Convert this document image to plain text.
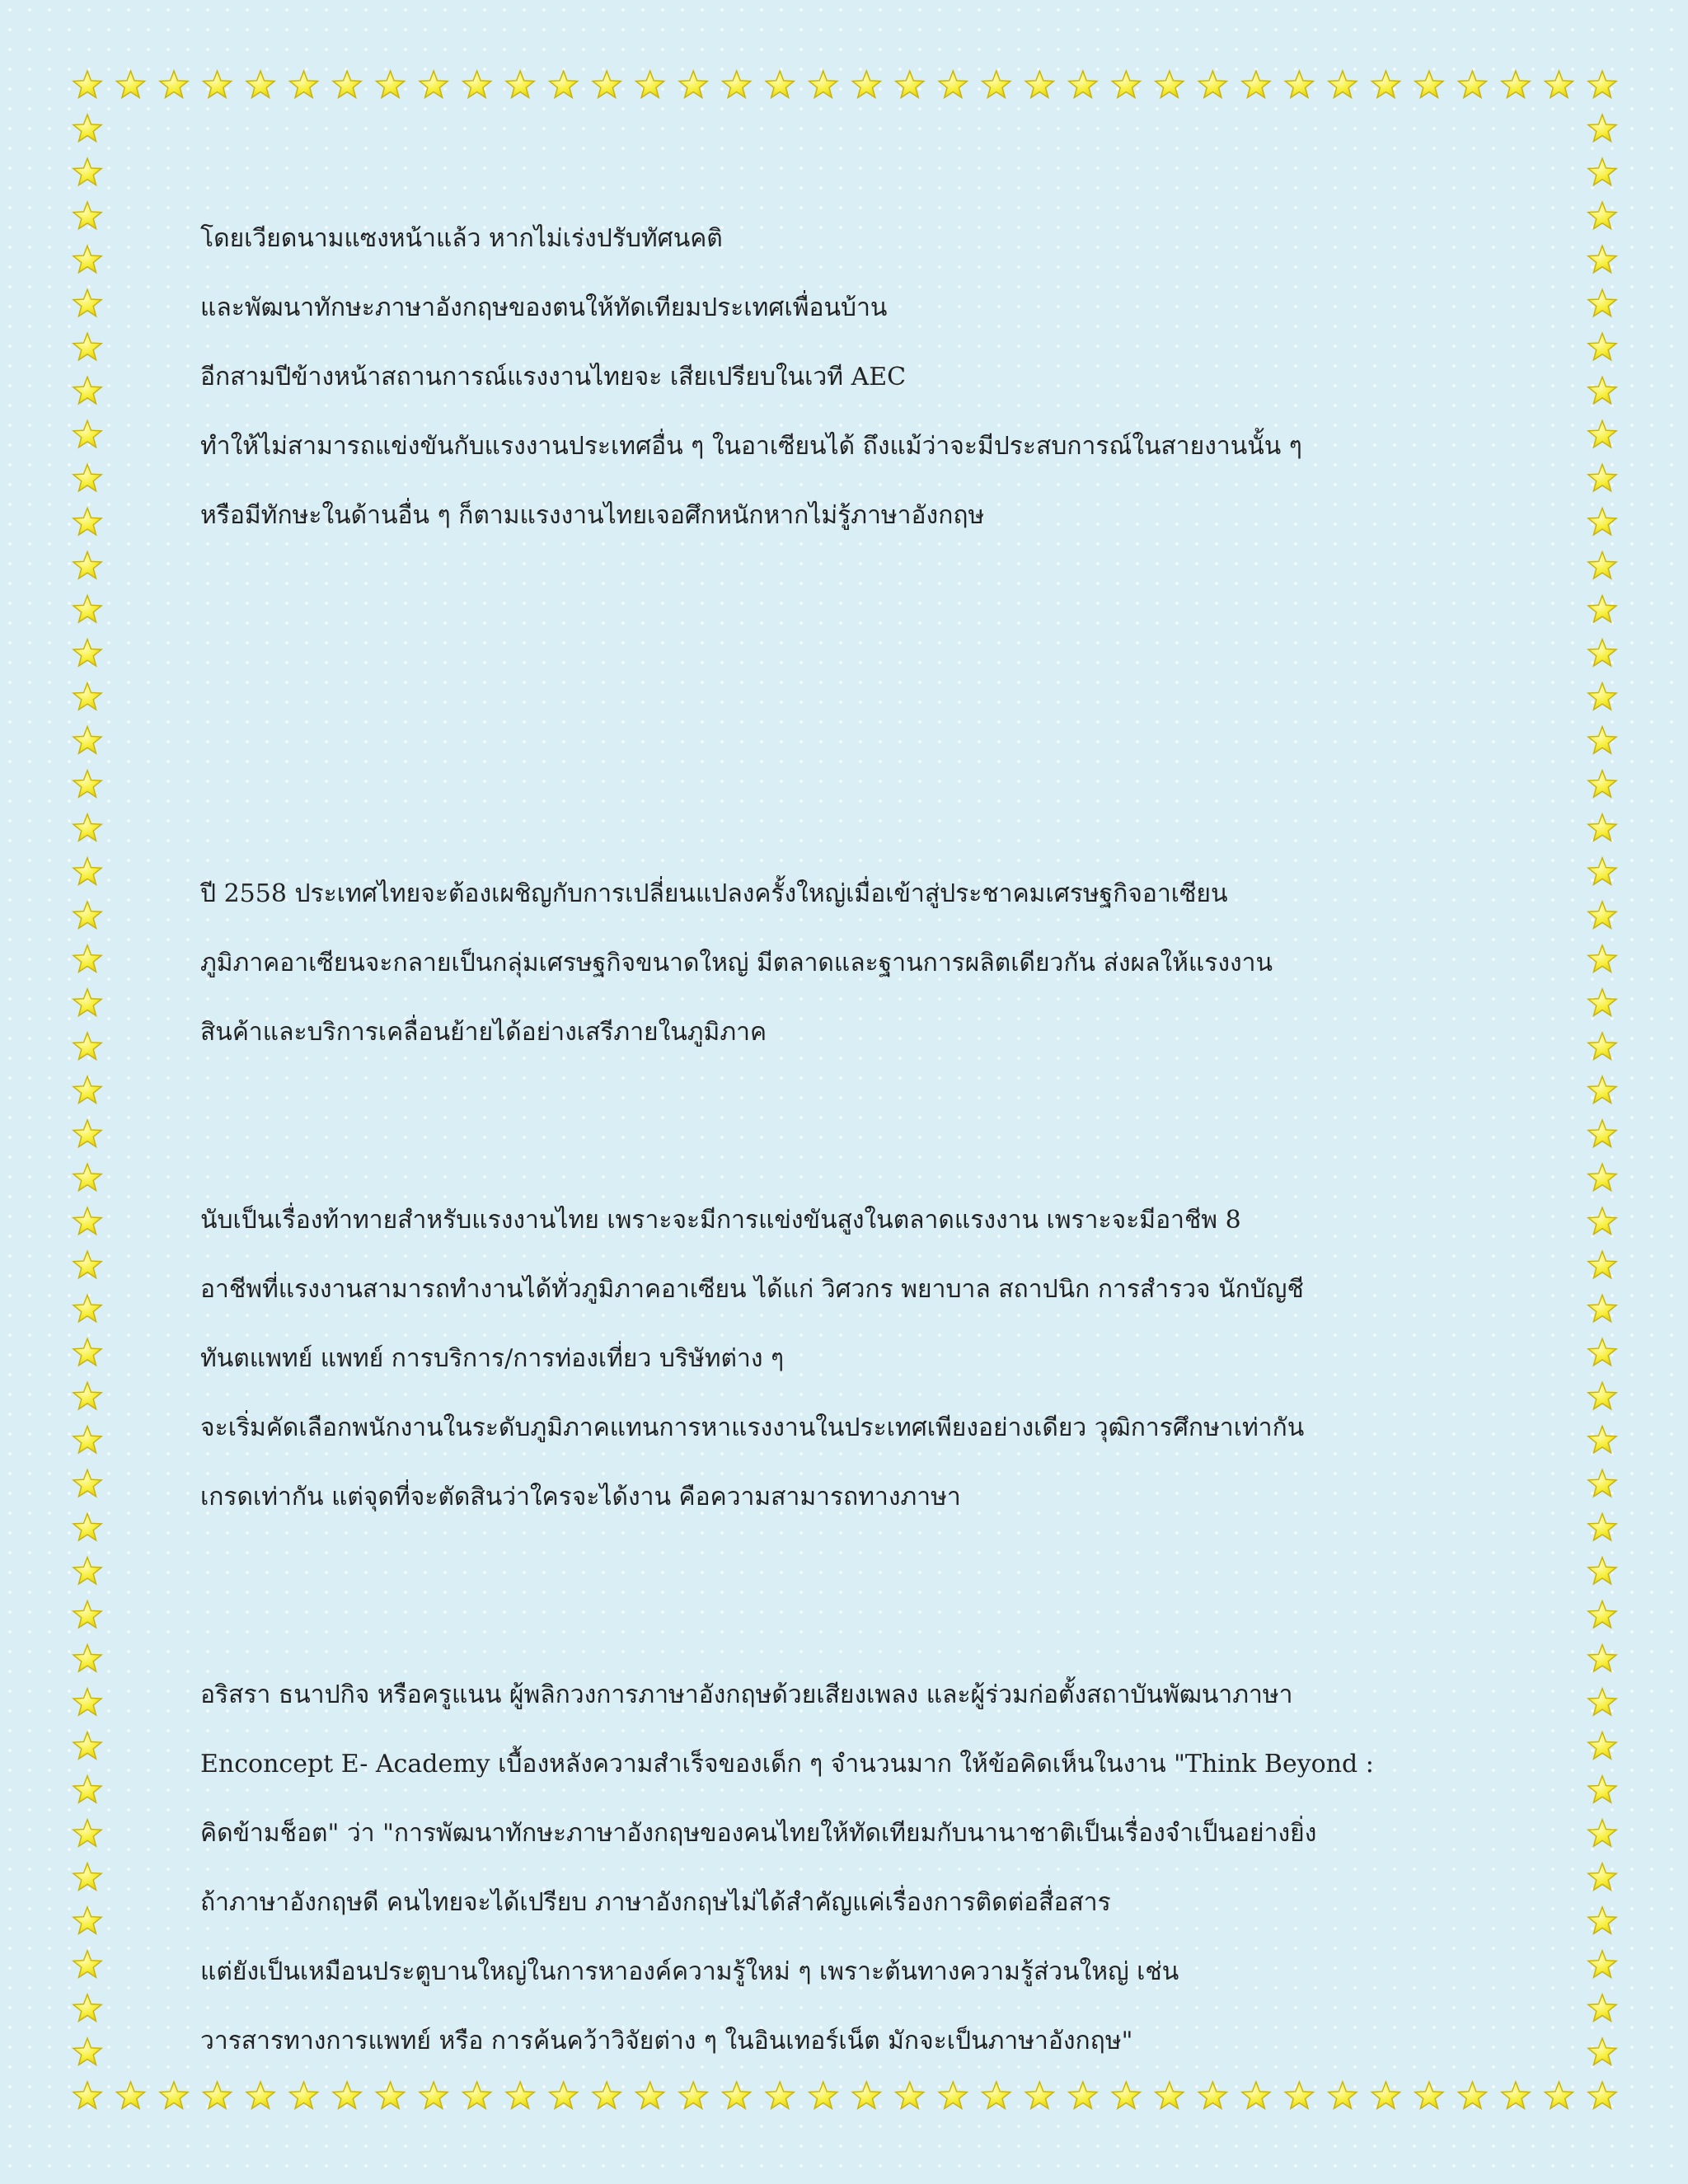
โดยเวียดนามแซงหน้าแล้ว หากไม่เร่งปรับทัศนคติ
และพัฒนาทักษะภาษาอังกฤษของตนให้ทัดเทียมประเทศเพื่อนบ้าน
อีกสามปีข้างหน้าสถานการณ์แรงงานไทยจะ เสียเปรียบในเวที AEC
ทำให้ไม่สามารถแข่งขันกับแรงงานประเทศอื่น ๆ ในอาเซียนได้ ถึงแม้ว่าจะมีประสบการณ์ในสายงานนั้น ๆ
หรือมีทักษะในด้านอื่น ๆ ก็ตามแรงงานไทยเจอศึกหนักหากไม่รู้ภาษาอังกฤษ
ปี 2558 ประเทศไทยจะต้องเผชิญกับการเปลี่ยนแปลงครั้งใหญ่เมื่อเข้าสู่ประชาคมเศรษฐกิจอาเซียน
ภูมิภาคอาเซียนจะกลายเป็นกลุ่มเศรษฐกิจขนาดใหญ่ มีตลาดและฐานการผลิตเดียวกัน ส่งผลให้แรงงาน
สินค้าและบริการเคลื่อนย้ายได้อย่างเสรีภายในภูมิภาค
นับเป็นเรื่องท้าทายสำหรับแรงงานไทย เพราะจะมีการแข่งขันสูงในตลาดแรงงาน เพราะจะมีอาชีพ 8
อาชีพที่แรงงานสามารถทำงานได้ทั่วภูมิภาคอาเซียน ได้แก่ วิศวกร พยาบาล สถาปนิก การสำรวจ นักบัญชี
ทันตแพทย์ แพทย์ การบริการ/การท่องเที่ยว บริษัทต่าง ๆ
จะเริ่มคัดเลือกพนักงานในระดับภูมิภาคแทนการหาแรงงานในประเทศเพียงอย่างเดียว วุฒิการศึกษาเท่ากัน
เกรดเท่ากัน แต่จุดที่จะตัดสินว่าใครจะได้งาน คือความสามารถทางภาษา
อริสรา ธนาปกิจ หรือครูแนน ผู้พลิกวงการภาษาอังกฤษด้วยเสียงเพลง และผู้ร่วมก่อตั้งสถาบันพัฒนาภาษา
Enconcept E- Academy เบื้องหลังความสำเร็จของเด็ก ๆ จำนวนมาก ให้ข้อคิดเห็นในงาน "Think Beyond :
คิดข้ามช็อต" ว่า "การพัฒนาทักษะภาษาอังกฤษของคนไทยให้ทัดเทียมกับนานาชาติเป็นเรื่องจำเป็นอย่างยิ่ง
ถ้าภาษาอังกฤษดี คนไทยจะได้เปรียบ ภาษาอังกฤษไม่ได้สำคัญแค่เรื่องการติดต่อสื่อสาร
แต่ยังเป็นเหมือนประตูบานใหญ่ในการหาองค์ความรู้ใหม่ ๆ เพราะต้นทางความรู้ส่วนใหญ่ เช่น
วารสารทางการแพทย์ หรือ การค้นคว้าวิจัยต่าง ๆ ในอินเทอร์เน็ต มักจะเป็นภาษาอังกฤษ"
